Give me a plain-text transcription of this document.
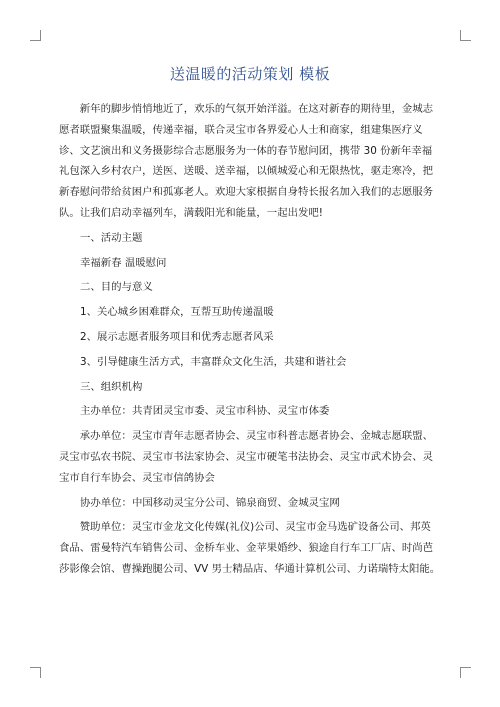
送温暖的活动策划 模板

新年的脚步悄悄地近了，欢乐的气氛开始洋溢。在这对新春的期待里，金城志愿者联盟聚集温暖，传递幸福，联合灵宝市各界爱心人士和商家，组建集医疗义诊、文艺演出和义务摄影综合志愿服务为一体的春节慰问团，携带 30 份新年幸福礼包深入乡村农户，送医、送暖、送幸福，以倾城爱心和无限热忱，驱走寒冷，把新春慰问带给贫困户和孤寡老人。欢迎大家根据自身特长报名加入我们的志愿服务队。让我们启动幸福列车，满载阳光和能量，一起出发吧!

一、活动主题

幸福新春 温暖慰问

二、目的与意义

1、关心城乡困难群众，互帮互助传递温暖

2、展示志愿者服务项目和优秀志愿者风采

3、引导健康生活方式，丰富群众文化生活，共建和谐社会

三、组织机构

主办单位：共青团灵宝市委、灵宝市科协、灵宝市体委

承办单位：灵宝市青年志愿者协会、灵宝市科普志愿者协会、金城志愿联盟、灵宝市弘农书院、灵宝市书法家协会、灵宝市硬笔书法协会、灵宝市武术协会、灵宝市自行车协会、灵宝市信鸽协会

协办单位：中国移动灵宝分公司、锦泉商贸、金城灵宝网

赞助单位：灵宝市金龙文化传媒(礼仪)公司、灵宝市金马选矿设备公司、邦英食品、雷曼特汽车销售公司、金桥车业、金苹果婚纱、狼途自行车工厂店、时尚芭莎影像会馆、曹操跑腿公司、VV 男士精品店、华通计算机公司、力诺瑞特太阳能。
